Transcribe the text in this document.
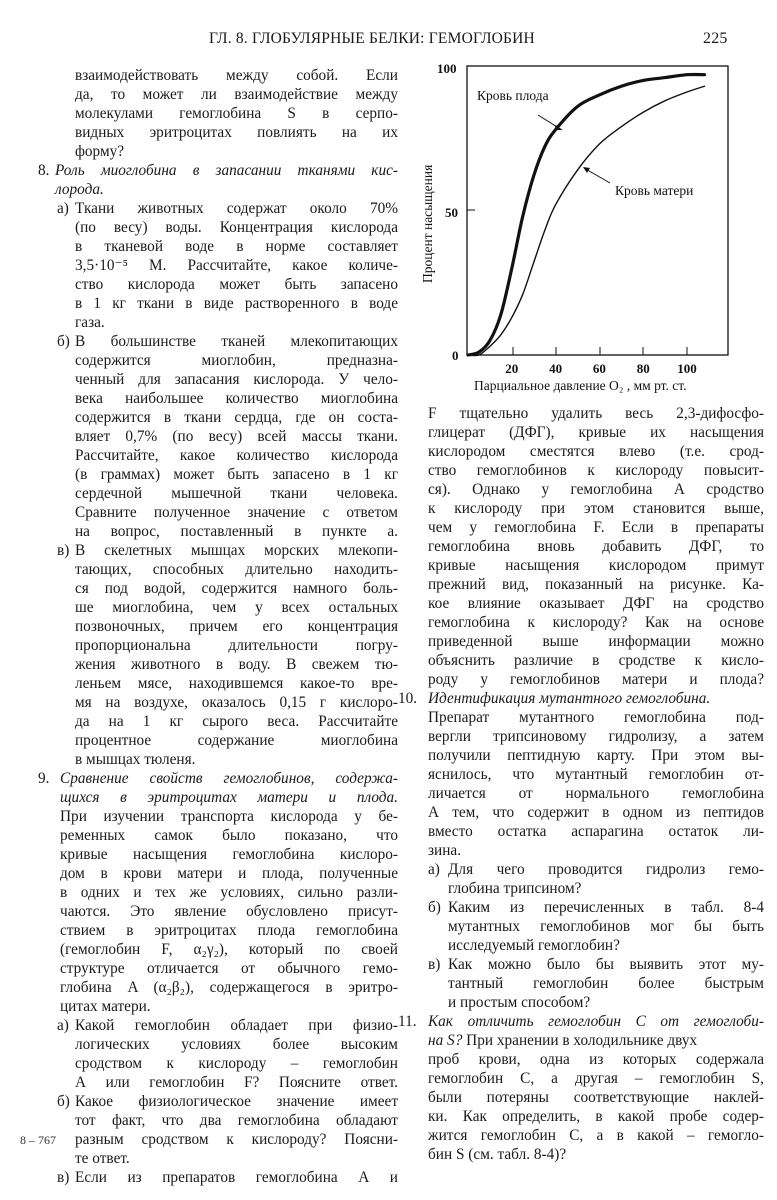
ГЛ. 8. ГЛОБУЛЯРНЫЕ БЕЛКИ: ГЕМОГЛОБИН	225
взаимодействовать между собой. Если
да, то может ли взаимодействие между
молекулами гемоглобина S в серпо-
видных эритроцитах повлиять на их
форму?
8. Роль миоглобина в запасании тканями кис-
лорода.
а) Ткани животных содержат около 70%
(по весу) воды. Концентрация кислорода
в тканевой воде в норме составляет
3,5·10⁻⁵ М. Рассчитайте, какое количе-
ство кислорода может быть запасено
в 1 кг ткани в виде растворенного в воде
газа.
б) В большинстве тканей млекопитающих
содержится миоглобин, предназна-
ченный для запасания кислорода. У чело-
века наибольшее количество миоглобина
содержится в ткани сердца, где он соста-
вляет 0,7% (по весу) всей массы ткани.
Рассчитайте, какое количество кислорода
(в граммах) может быть запасено в 1 кг
сердечной мышечной ткани человека.
Сравните полученное значение с ответом
на вопрос, поставленный в пункте а.
в) В скелетных мышцах морских млекопи-
тающих, способных длительно находить-
ся под водой, содержится намного боль-
ше миоглобина, чем у всех остальных
позвоночных, причем его концентрация
пропорциональна длительности погру-
жения животного в воду. В свежем тю-
леньем мясе, находившемся какое-то вре-
мя на воздухе, оказалось 0,15 г кислоро-
да на 1 кг сырого веса. Рассчитайте
процентное содержание миоглобина
в мышцах тюленя.
9. Сравнение свойств гемоглобинов, содержа-
щихся в эритроцитах матери и плода.
При изучении транспорта кислорода у бе-
ременных самок было показано, что
кривые насыщения гемоглобина кислоро-
дом в крови матери и плода, полученные
в одних и тех же условиях, сильно разли-
чаются. Это явление обусловлено присут-
ствием в эритроцитах плода гемоглобина
(гемоглобин F, α₂γ₂), который по своей
структуре отличается от обычного гемо-
глобина A (α₂β₂), содержащегося в эритро-
цитах матери.
а) Какой гемоглобин обладает при физио-
логических условиях более высоким
сродством к кислороду – гемоглобин
А или гемоглобин F? Поясните ответ.
б) Какое физиологическое значение имеет
тот факт, что два гемоглобина обладают
разным сродством к кислороду? Поясни-
те ответ.
в) Если из препаратов гемоглобина А и
8 – 767
100
50
0
20 40 60 80 100
Кровь плода
Кровь матери
Процент насыщения
Парциальное давление O₂ , мм рт. ст.
F тщательно удалить весь 2,3-дифосфо-
глицерат (ДФГ), кривые их насыщения
кислородом сместятся влево (т.е. срод-
ство гемоглобинов к кислороду повысит-
ся). Однако у гемоглобина А сродство
к кислороду при этом становится выше,
чем у гемоглобина F. Если в препараты
гемоглобина вновь добавить ДФГ, то
кривые насыщения кислородом примут
прежний вид, показанный на рисунке. Ка-
кое влияние оказывает ДФГ на сродство
гемоглобина к кислороду? Как на основе
приведенной выше информации можно
объяснить различие в сродстве к кисло-
роду у гемоглобинов матери и плода?
10. Идентификация мутантного гемоглобина.
Препарат мутантного гемоглобина под-
вергли трипсиновому гидролизу, а затем
получили пептидную карту. При этом вы-
яснилось, что мутантный гемоглобин от-
личается от нормального гемоглобина
А тем, что содержит в одном из пептидов
вместо остатка аспарагина остаток ли-
зина.
а) Для чего проводится гидролиз гемо-
глобина трипсином?
б) Каким из перечисленных в табл. 8-4
мутантных гемоглобинов мог бы быть
исследуемый гемоглобин?
в) Как можно было бы выявить этот му-
тантный гемоглобин более быстрым
и простым способом?
11. Как отличить гемоглобин С от гемоглоби-
на S? При хранении в холодильнике двух
проб крови, одна из которых содержала
гемоглобин С, а другая – гемоглобин S,
были потеряны соответствующие наклей-
ки. Как определить, в какой пробе содер-
жится гемоглобин С, а в какой – гемогло-
бин S (см. табл. 8-4)?
